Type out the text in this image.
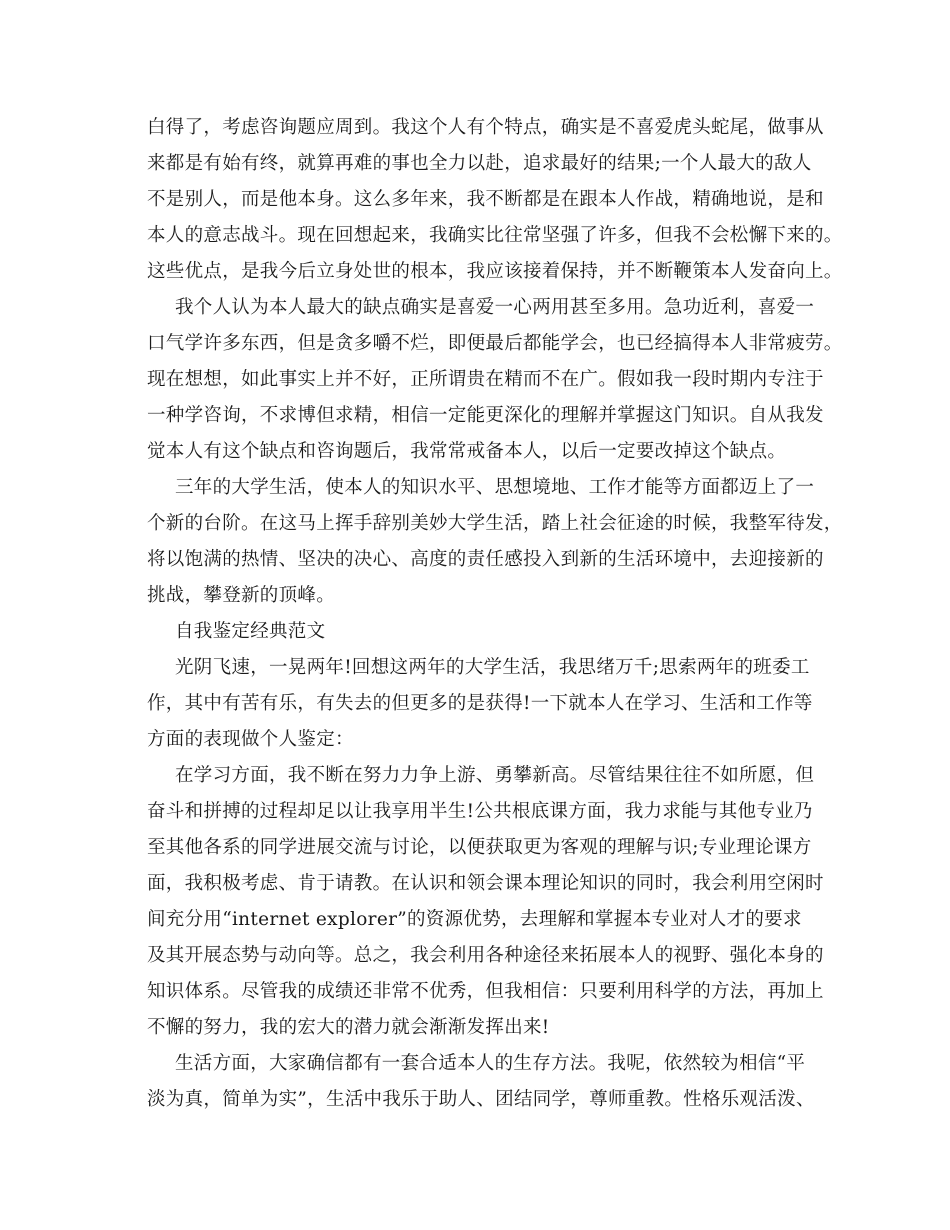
白得了，考虑咨询题应周到。我这个人有个特点，确实是不喜爱虎头蛇尾，做事从
来都是有始有终，就算再难的事也全力以赴，追求最好的结果;一个人最大的敌人
不是别人，而是他本身。这么多年来，我不断都是在跟本人作战，精确地说，是和
本人的意志战斗。现在回想起来，我确实比往常坚强了许多，但我不会松懈下来的。
这些优点，是我今后立身处世的根本，我应该接着保持，并不断鞭策本人发奋向上。
我个人认为本人最大的缺点确实是喜爱一心两用甚至多用。急功近利，喜爱一
口气学许多东西，但是贪多嚼不烂，即便最后都能学会，也已经搞得本人非常疲劳。
现在想想，如此事实上并不好，正所谓贵在精而不在广。假如我一段时期内专注于
一种学咨询，不求博但求精，相信一定能更深化的理解并掌握这门知识。自从我发
觉本人有这个缺点和咨询题后，我常常戒备本人，以后一定要改掉这个缺点。
三年的大学生活，使本人的知识水平、思想境地、工作才能等方面都迈上了一
个新的台阶。在这马上挥手辞别美妙大学生活，踏上社会征途的时候，我整军待发，
将以饱满的热情、坚决的决心、高度的责任感投入到新的生活环境中，去迎接新的
挑战，攀登新的顶峰。
自我鉴定经典范文
光阴飞速，一晃两年!回想这两年的大学生活，我思绪万千;思索两年的班委工
作，其中有苦有乐，有失去的但更多的是获得!一下就本人在学习、生活和工作等
方面的表现做个人鉴定：
在学习方面，我不断在努力力争上游、勇攀新高。尽管结果往往不如所愿，但
奋斗和拼搏的过程却足以让我享用半生!公共根底课方面，我力求能与其他专业乃
至其他各系的同学进展交流与讨论，以便获取更为客观的理解与识;专业理论课方
面，我积极考虑、肯于请教。在认识和领会课本理论知识的同时，我会利用空闲时
间充分用“internet explorer”的资源优势，去理解和掌握本专业对人才的要求
及其开展态势与动向等。总之，我会利用各种途径来拓展本人的视野、强化本身的
知识体系。尽管我的成绩还非常不优秀，但我相信：只要利用科学的方法，再加上
不懈的努力，我的宏大的潜力就会渐渐发挥出来!
生活方面，大家确信都有一套合适本人的生存方法。我呢，依然较为相信“平
淡为真，简单为实”，生活中我乐于助人、团结同学，尊师重教。性格乐观活泼、
